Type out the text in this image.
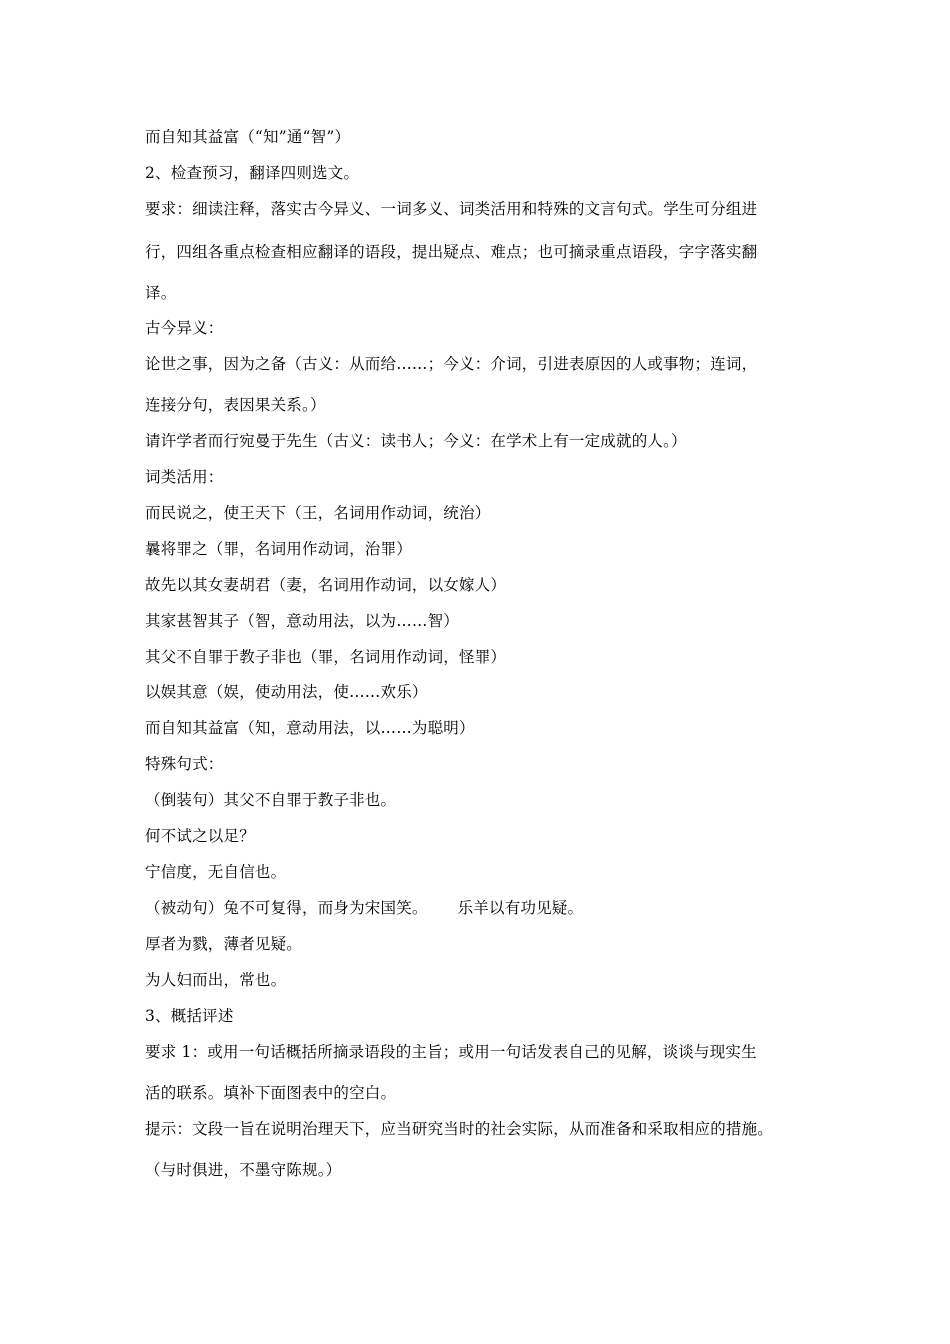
而自知其益富（“知”通“智”）
2、检查预习，翻译四则选文。
要求：细读注释，落实古今异义、一词多义、词类活用和特殊的文言句式。学生可分组进
行，四组各重点检查相应翻译的语段，提出疑点、难点；也可摘录重点语段，字字落实翻
译。
古今异义：
论世之事，因为之备（古义：从而给……；今义：介词，引进表原因的人或事物；连词，
连接分句，表因果关系。）
请许学者而行宛曼于先生（古义：读书人；今义：在学术上有一定成就的人。）
词类活用：
而民说之，使王天下（王，名词用作动词，统治）
曩将罪之（罪，名词用作动词，治罪）
故先以其女妻胡君（妻，名词用作动词，以女嫁人）
其家甚智其子（智，意动用法，以为……智）
其父不自罪于教子非也（罪，名词用作动词，怪罪）
以娱其意（娱，使动用法，使……欢乐）
而自知其益富（知，意动用法，以……为聪明）
特殊句式：
（倒装句）其父不自罪于教子非也。
何不试之以足？
宁信度，无自信也。
（被动句）兔不可复得，而身为宋国笑。 乐羊以有功见疑。
厚者为戮，薄者见疑。
为人妇而出，常也。
3、概括评述
要求 1：或用一句话概括所摘录语段的主旨；或用一句话发表自己的见解，谈谈与现实生
活的联系。填补下面图表中的空白。
提示：文段一旨在说明治理天下，应当研究当时的社会实际，从而准备和采取相应的措施。
（与时俱进，不墨守陈规。）
